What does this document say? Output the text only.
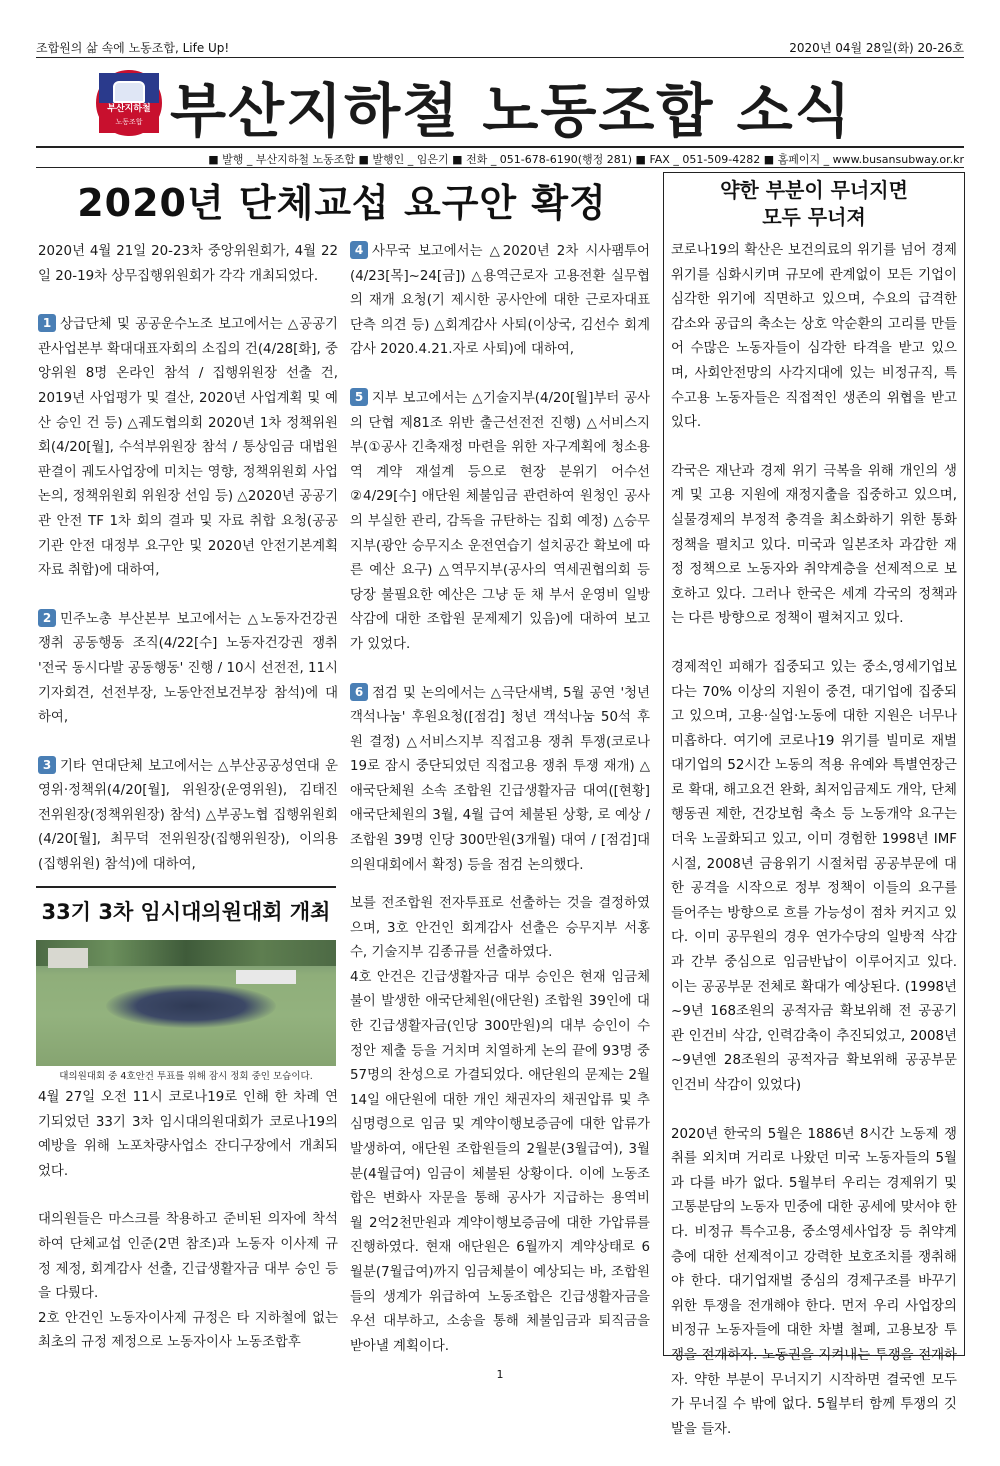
조합원의 삶 속에 노동조합, Life Up!	2020년 04월 28일(화) 20-26호
부산지하철
노동조합 부산지하철 노동조합 소식
■ 발행 _ 부산지하철 노동조합 ■ 발행인 _ 임은기 ■ 전화 _ 051-678-6190(행정 281) ■ FAX _ 051-509-4282 ■ 홈페이지 _ www.busansubway.or.kr
2020년 단체교섭 요구안 확정

2020년 4월 21일 20-23차 중앙위원회가, 4월 22일 20-19차 상무집행위원회가 각각 개최되었다.

1 상급단체 및 공공운수노조 보고에서는 △공공기관사업본부 확대대표자회의 소집의 건(4/28[화], 중앙위원 8명 온라인 참석 / 집행위원장 선출 건, 2019년 사업평가 및 결산, 2020년 사업계획 및 예산 승인 건 등) △궤도협의회 2020년 1차 정책위원회(4/20[월], 수석부위원장 참석 / 통상임금 대법원 판결이 궤도사업장에 미치는 영향, 정책위원회 사업논의, 정책위원회 위원장 선임 등) △2020년 공공기관 안전 TF 1차 회의 결과 및 자료 취합 요청(공공기관 안전 대정부 요구안 및 2020년 안전기본계획 자료 취합)에 대하여,

2 민주노총 부산본부 보고에서는 △노동자건강권 쟁취 공동행동 조직(4/22[수] 노동자건강권 쟁취 '전국 동시다발 공동행동' 진행 / 10시 선전전, 11시 기자회견, 선전부장, 노동안전보건부장 참석)에 대하여,

3 기타 연대단체 보고에서는 △부산공공성연대 운영위·정책위(4/20[월], 위원장(운영위원), 김태진 전위원장(정책위원장) 참석) △부공노협 집행위원회(4/20[월], 최무덕 전위원장(집행위원장), 이의용(집행위원) 참석)에 대하여,

4 사무국 보고에서는 △2020년 2차 시사팸투어(4/23[목]~24[금]) △용역근로자 고용전환 실무협의 재개 요청(기 제시한 공사안에 대한 근로자대표단측 의견 등) △회계감사 사퇴(이상국, 김선수 회계감사 2020.4.21.자로 사퇴)에 대하여,

5 지부 보고에서는 △기술지부(4/20[월]부터 공사의 단협 제81조 위반 출근선전전 진행) △서비스지부(①공사 긴축재정 마련을 위한 자구계획에 청소용역 계약 재설계 등으로 현장 분위기 어수선 ②4/29[수] 애단원 체불임금 관련하여 원청인 공사의 부실한 관리, 감독을 규탄하는 집회 예정) △승무지부(광안 승무지소 운전연습기 설치공간 확보에 따른 예산 요구) △역무지부(공사의 역세권협의회 등 당장 불필요한 예산은 그냥 둔 채 부서 운영비 일방 삭감에 대한 조합원 문제제기 있음)에 대하여 보고가 있었다.

6 점검 및 논의에서는 △극단새벽, 5월 공연 '청년객석나눔' 후원요청([점검] 청년 객석나눔 50석 후원 결정) △서비스지부 직접고용 쟁취 투쟁(코로나19로 잠시 중단되었던 직접고용 쟁취 투쟁 재개) △애국단체원 소속 조합원 긴급생활자금 대여([현황] 애국단체원의 3월, 4월 급여 체불된 상황, 로 예상 / 조합원 39명 인당 300만원(3개월) 대여 / [점검]대의원대회에서 확정) 등을 점검 논의했다.

33기 3차 임시대의원대회 개최
대의원대회 중 4호안건 투표를 위해 잠시 정회 중인 모습이다.

4월 27일 오전 11시 코로나19로 인해 한 차례 연기되었던 33기 3차 임시대의원대회가 코로나19의 예방을 위해 노포차량사업소 잔디구장에서 개최되었다.

대의원들은 마스크를 착용하고 준비된 의자에 착석하여 단체교섭 인준(2면 참조)과 노동자 이사제 규정 제정, 회계감사 선출, 긴급생활자금 대부 승인 등을 다뤘다.

2호 안건인 노동자이사제 규정은 타 지하철에 없는 최초의 규정 제정으로 노동자이사 노동조합후

보를 전조합원 전자투표로 선출하는 것을 결정하였으며, 3호 안건인 회계감사 선출은 승무지부 서홍수, 기술지부 김종규를 선출하였다.

4호 안건은 긴급생활자금 대부 승인은 현재 임금체불이 발생한 애국단체원(애단원) 조합원 39인에 대한 긴급생활자금(인당 300만원)의 대부 승인이 수정안 제출 등을 거치며 치열하게 논의 끝에 93명 중 57명의 찬성으로 가결되었다. 애단원의 문제는 2월 14일 애단원에 대한 개인 채권자의 채권압류 및 추심명령으로 임금 및 계약이행보증금에 대한 압류가 발생하여, 애단원 조합원들의 2월분(3월급여), 3월분(4월급여) 임금이 체불된 상황이다. 이에 노동조합은 변화사 자문을 통해 공사가 지급하는 용역비 월 2억2천만원과 계약이행보증금에 대한 가압류를 진행하였다. 현재 애단원은 6월까지 계약상태로 6월분(7월급여)까지 임금체불이 예상되는 바, 조합원들의 생계가 위급하여 노동조합은 긴급생활자금을 우선 대부하고, 소송을 통해 체불임금과 퇴직금을 받아낼 계획이다.

약한 부분이 무너지면
모두 무너져

코로나19의 확산은 보건의료의 위기를 넘어 경제위기를 심화시키며 규모에 관계없이 모든 기업이 심각한 위기에 직면하고 있으며, 수요의 급격한 감소와 공급의 축소는 상호 악순환의 고리를 만들어 수많은 노동자들이 심각한 타격을 받고 있으며, 사회안전망의 사각지대에 있는 비정규직, 특수고용 노동자들은 직접적인 생존의 위협을 받고 있다.

각국은 재난과 경제 위기 극복을 위해 개인의 생계 및 고용 지원에 재정지출을 집중하고 있으며, 실물경제의 부정적 충격을 최소화하기 위한 통화정책을 펼치고 있다. 미국과 일본조차 과감한 재정 정책으로 노동자와 취약계층을 선제적으로 보호하고 있다. 그러나 한국은 세계 각국의 정책과는 다른 방향으로 정책이 펼쳐지고 있다.

경제적인 피해가 집중되고 있는 중소,영세기업보다는 70% 이상의 지원이 중견, 대기업에 집중되고 있으며, 고용·실업·노동에 대한 지원은 너무나 미흡하다. 여기에 코로나19 위기를 빌미로 재벌 대기업의 52시간 노동의 적용 유예와 특별연장근로 확대, 해고요건 완화, 최저임금제도 개악, 단체행동권 제한, 건강보험 축소 등 노동개악 요구는 더욱 노골화되고 있고, 이미 경험한 1998년 IMF 시절, 2008년 금융위기 시절처럼 공공부문에 대한 공격을 시작으로 정부 정책이 이들의 요구를 들어주는 방향으로 흐를 가능성이 점차 커지고 있다. 이미 공무원의 경우 연가수당의 일방적 삭감과 간부 중심으로 임금반납이 이루어지고 있다. 이는 공공부문 전체로 확대가 예상된다. (1998년~9년 168조원의 공적자금 확보위해 전 공공기관 인건비 삭감, 인력감축이 추진되었고, 2008년~9년엔 28조원의 공적자금 확보위해 공공부문 인건비 삭감이 있었다)

2020년 한국의 5월은 1886년 8시간 노동제 쟁취를 외치며 거리로 나왔던 미국 노동자들의 5월과 다를 바가 없다. 5월부터 우리는 경제위기 및 고통분담의 노동자 민중에 대한 공세에 맞서야 한다. 비정규 특수고용, 중소영세사업장 등 취약계층에 대한 선제적이고 강력한 보호조치를 쟁취해야 한다. 대기업재벌 중심의 경제구조를 바꾸기 위한 투쟁을 전개해야 한다. 먼저 우리 사업장의 비정규 노동자들에 대한 차별 철폐, 고용보장 투쟁을 전개하자. 노동권을 지켜내는 투쟁을 전개하자. 약한 부분이 무너지기 시작하면 결국엔 모두가 무너질 수 밖에 없다. 5월부터 함께 투쟁의 깃발을 들자.

1
